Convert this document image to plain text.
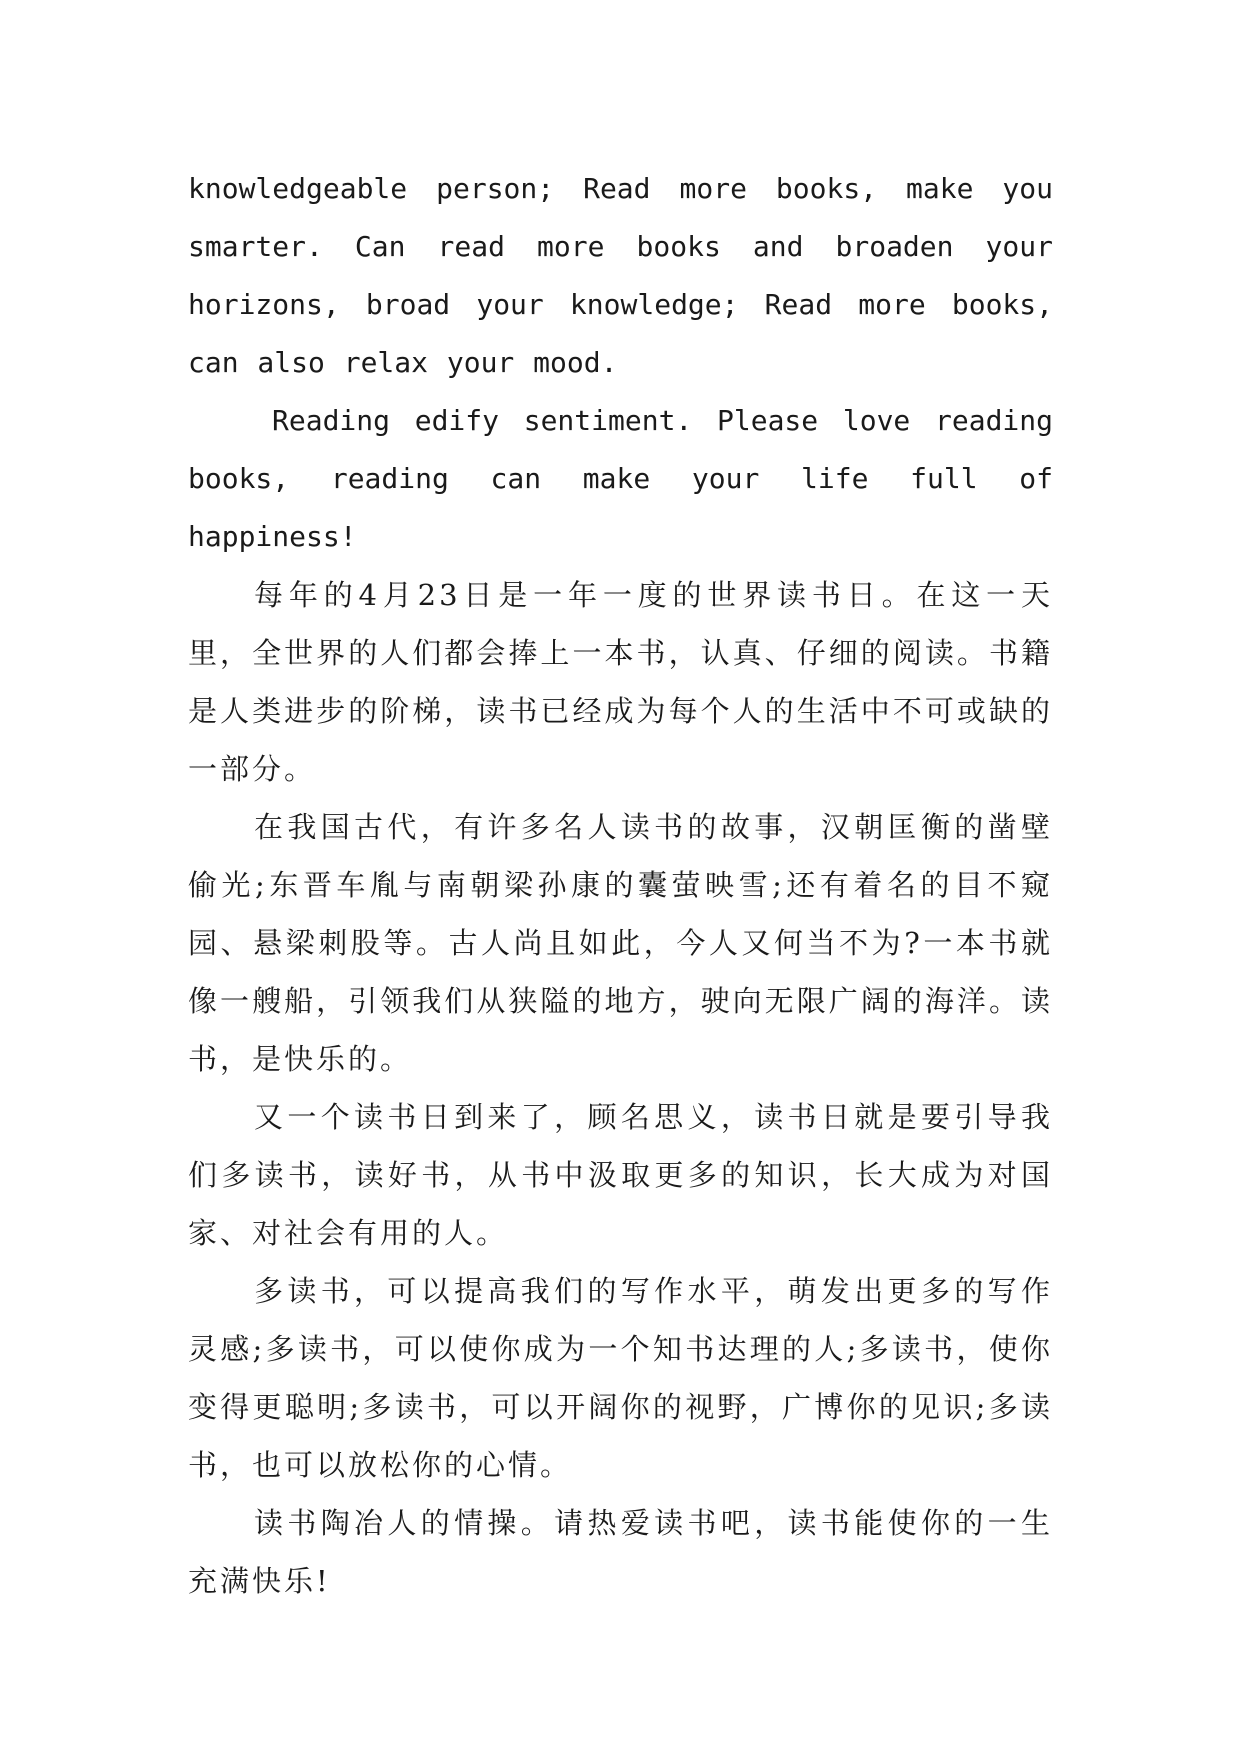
knowledgeable person; Read more books, make you smarter. Can read more books and broaden your horizons, broad your knowledge; Read more books, can also relax your mood.

Reading edify sentiment. Please love reading books, reading can make your life full of happiness!

每年的4月23日是一年一度的世界读书日。在这一天里，全世界的人们都会捧上一本书，认真、仔细的阅读。书籍是人类进步的阶梯，读书已经成为每个人的生活中不可或缺的一部分。

在我国古代，有许多名人读书的故事，汉朝匡衡的凿壁偷光;东晋车胤与南朝梁孙康的囊萤映雪;还有着名的目不窥园、悬梁刺股等。古人尚且如此，今人又何当不为?一本书就像一艘船，引领我们从狭隘的地方，驶向无限广阔的海洋。读书，是快乐的。

又一个读书日到来了，顾名思义，读书日就是要引导我们多读书，读好书，从书中汲取更多的知识，长大成为对国家、对社会有用的人。

多读书，可以提高我们的写作水平，萌发出更多的写作灵感;多读书，可以使你成为一个知书达理的人;多读书，使你变得更聪明;多读书，可以开阔你的视野，广博你的见识;多读书，也可以放松你的心情。

读书陶冶人的情操。请热爱读书吧，读书能使你的一生充满快乐!
